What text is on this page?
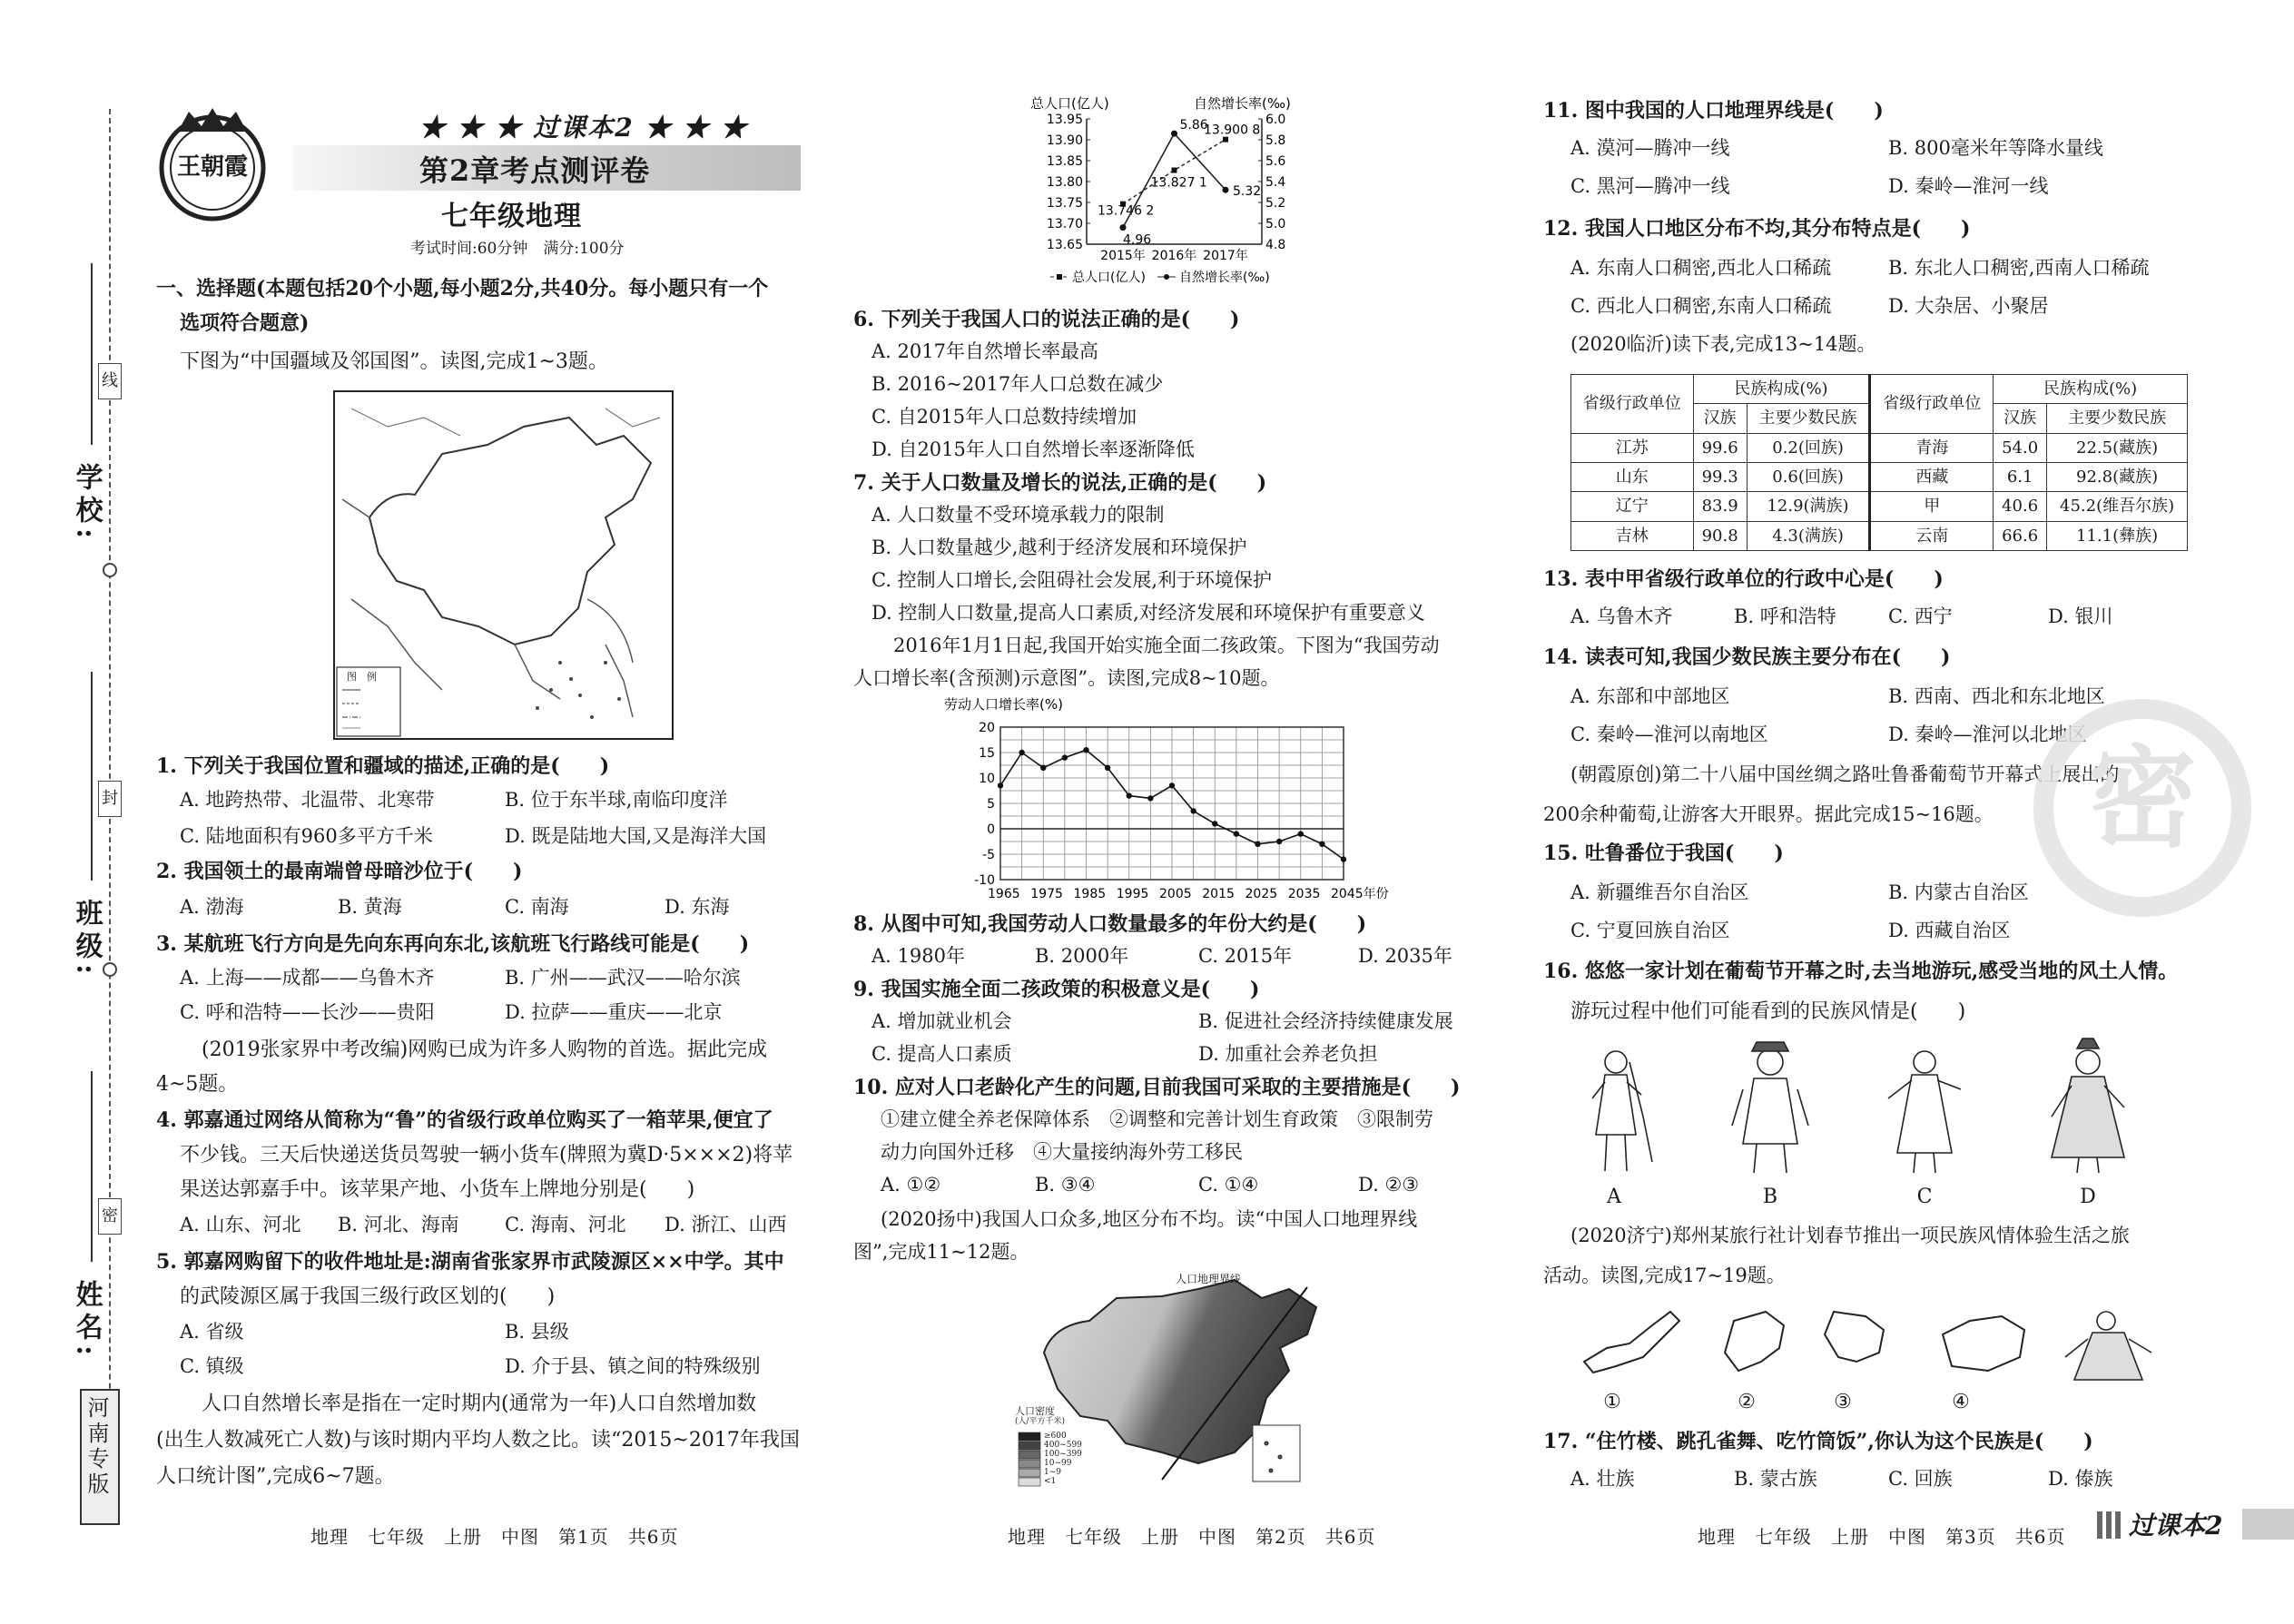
学校:
班级:
姓名:
线
封
密
河南专版
王朝霞
★ ★ ★ 过课本2 ★ ★ ★
第2章考点测评卷
七年级地理
考试时间:60分钟　满分:100分
一、选择题(本题包括20个小题,每小题2分,共40分。每小题只有一个
选项符合题意)
下图为“中国疆域及邻国图”。读图,完成1~3题。
图　例
1. 下列关于我国位置和疆域的描述,正确的是(　　)
A. 地跨热带、北温带、北寒带	B. 位于东半球,南临印度洋
C. 陆地面积有960多平方千米	D. 既是陆地大国,又是海洋大国
2. 我国领土的最南端曾母暗沙位于(　　)
A. 渤海	B. 黄海	C. 南海	D. 东海
3. 某航班飞行方向是先向东再向东北,该航班飞行路线可能是(　　)
A. 上海——成都——乌鲁木齐	B. 广州——武汉——哈尔滨
C. 呼和浩特——长沙——贵阳	D. 拉萨——重庆——北京
(2019张家界中考改编)网购已成为许多人购物的首选。据此完成
4~5题。
4. 郭嘉通过网络从简称为“鲁”的省级行政单位购买了一箱苹果,便宜了
不少钱。三天后快递送货员驾驶一辆小货车(牌照为冀D·5×××2)将苹
果送达郭嘉手中。该苹果产地、小货车上牌地分别是(　　)
A. 山东、河北 B. 河北、海南 C. 海南、河北 D. 浙江、山西
5. 郭嘉网购留下的收件地址是:湖南省张家界市武陵源区××中学。其中
的武陵源区属于我国三级行政区划的(　　)
A. 省级	B. 县级
C. 镇级	D. 介于县、镇之间的特殊级别
人口自然增长率是指在一定时期内(通常为一年)人口自然增加数
(出生人数减死亡人数)与该时期内平均人数之比。读“2015~2017年我国
人口统计图”,完成6~7题。
地理　七年级　上册　中图　第1页　共6页
总人口(亿人)	自然增长率(‰)
13.95
13.90
13.85
13.80
13.75
13.70
13.65
6.0
5.8
5.6
5.4
5.2
5.0
4.8
2015年 2016年 2017年
13.746 2
13.827 1
13.900 8
4.96
5.86
5.32
总人口(亿人)	自然增长率(‰)
6. 下列关于我国人口的说法正确的是(　　)
A. 2017年自然增长率最高
B. 2016~2017年人口总数在减少
C. 自2015年人口总数持续增加
D. 自2015年人口自然增长率逐渐降低
7. 关于人口数量及增长的说法,正确的是(　　)
A. 人口数量不受环境承载力的限制
B. 人口数量越少,越利于经济发展和环境保护
C. 控制人口增长,会阻碍社会发展,利于环境保护
D. 控制人口数量,提高人口素质,对经济发展和环境保护有重要意义
2016年1月1日起,我国开始实施全面二孩政策。下图为“我国劳动
人口增长率(含预测)示意图”。读图,完成8~10题。
劳动人口增长率(%)
20
15
10
5
0
-5
-10
1965 1975 1985 1995 2005 2015 2025 2035 2045年份
8. 从图中可知,我国劳动人口数量最多的年份大约是(　　)
A. 1980年	B. 2000年	C. 2015年	D. 2035年
9. 我国实施全面二孩政策的积极意义是(　　)
A. 增加就业机会	B. 促进社会经济持续健康发展
C. 提高人口素质	D. 加重社会养老负担
10. 应对人口老龄化产生的问题,目前我国可采取的主要措施是(　　)
①建立健全养老保障体系　②调整和完善计划生育政策　③限制劳
动力向国外迁移　④大量接纳海外劳工移民
A. ①②	B. ③④	C. ①④	D. ②③
(2020扬中)我国人口众多,地区分布不均。读“中国人口地理界线
图”,完成11~12题。
人口地理界线
人口密度
(人/平方千米)
≥600
400~599
100~399
10~99
1~9
<1
地理　七年级　上册　中图　第2页　共6页
11. 图中我国的人口地理界线是(　　)
A. 漠河—腾冲一线	B. 800毫米年等降水量线
C. 黑河—腾冲一线	D. 秦岭—淮河一线
12. 我国人口地区分布不均,其分布特点是(　　)
A. 东南人口稠密,西北人口稀疏	B. 东北人口稠密,西南人口稀疏
C. 西北人口稠密,东南人口稀疏	D. 大杂居、小聚居
(2020临沂)读下表,完成13~14题。
省级行政单位	民族构成(%)		省级行政单位	民族构成(%)	
	汉族	主要少数民族		汉族	主要少数民族
江苏	99.6	0.2(回族)	青海	54.0	22.5(藏族)
山东	99.3	0.6(回族)	西藏	6.1	92.8(藏族)
辽宁	83.9	12.9(满族)	甲	40.6	45.2(维吾尔族)
吉林	90.8	4.3(满族)	云南	66.6	11.1(彝族)
13. 表中甲省级行政单位的行政中心是(　　)
A. 乌鲁木齐	B. 呼和浩特	C. 西宁	D. 银川
14. 读表可知,我国少数民族主要分布在(　　)
A. 东部和中部地区	B. 西南、西北和东北地区
C. 秦岭—淮河以南地区	D. 秦岭—淮河以北地区
(朝霞原创)第二十八届中国丝绸之路吐鲁番葡萄节开幕式上展出的
200余种葡萄,让游客大开眼界。据此完成15~16题。
15. 吐鲁番位于我国(　　)
A. 新疆维吾尔自治区	B. 内蒙古自治区
C. 宁夏回族自治区	D. 西藏自治区
16. 悠悠一家计划在葡萄节开幕之时,去当地游玩,感受当地的风土人情。
游玩过程中他们可能看到的民族风情是(　　)
A	B	C	D
(2020济宁)郑州某旅行社计划春节推出一项民族风情体验生活之旅
活动。读图,完成17~19题。
①	②	③	④
17. “住竹楼、跳孔雀舞、吃竹筒饭”,你认为这个民族是(　　)
A. 壮族	B. 蒙古族	C. 回族	D. 傣族
地理　七年级　上册　中图　第3页　共6页
密
过课本2
